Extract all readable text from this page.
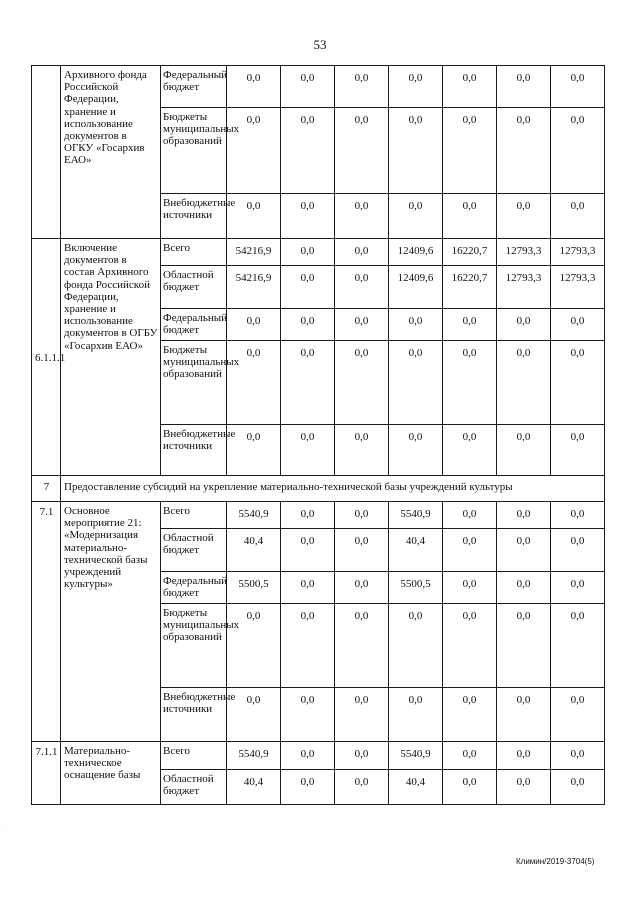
53
	Архивного фонда Российской Федерации, хранение и использование документов в ОГКУ «Госархив ЕАО»	Федеральный бюджет	0,0	0,0	0,0	0,0	0,0	0,0	0,0
		Бюджеты муниципальных образований	0,0	0,0	0,0	0,0	0,0	0,0	0,0
		Внебюджетные источники	0,0	0,0	0,0	0,0	0,0	0,0	0,0
6.1.1.1	Включение документов в состав Архивного фонда Российской Федерации, хранение и использование документов в ОГБУ «Госархив ЕАО»	Всего	54216,9	0,0	0,0	12409,6	16220,7	12793,3	12793,3
		Областной бюджет	54216,9	0,0	0,0	12409,6	16220,7	12793,3	12793,3
		Федеральный бюджет	0,0	0,0	0,0	0,0	0,0	0,0	0,0
		Бюджеты муниципальных образований	0,0	0,0	0,0	0,0	0,0	0,0	0,0
		Внебюджетные источники	0,0	0,0	0,0	0,0	0,0	0,0	0,0
7	Предоставление субсидий на укрепление материально-технической базы учреждений культуры								
7.1	Основное мероприятие 21: «Модернизация материально-технической базы учреждений культуры»	Всего	5540,9	0,0	0,0	5540,9	0,0	0,0	0,0
		Областной бюджет	40,4	0,0	0,0	40,4	0,0	0,0	0,0
		Федеральный бюджет	5500,5	0,0	0,0	5500,5	0,0	0,0	0,0
		Бюджеты муниципальных образований	0,0	0,0	0,0	0,0	0,0	0,0	0,0
		Внебюджетные источники	0,0	0,0	0,0	0,0	0,0	0,0	0,0
7.1.1	Материально-техническое оснащение базы	Всего	5540,9	0,0	0,0	5540,9	0,0	0,0	0,0
		Областной бюджет	40,4	0,0	0,0	40,4	0,0	0,0	0,0
Климин/2019-3704(5)
·
